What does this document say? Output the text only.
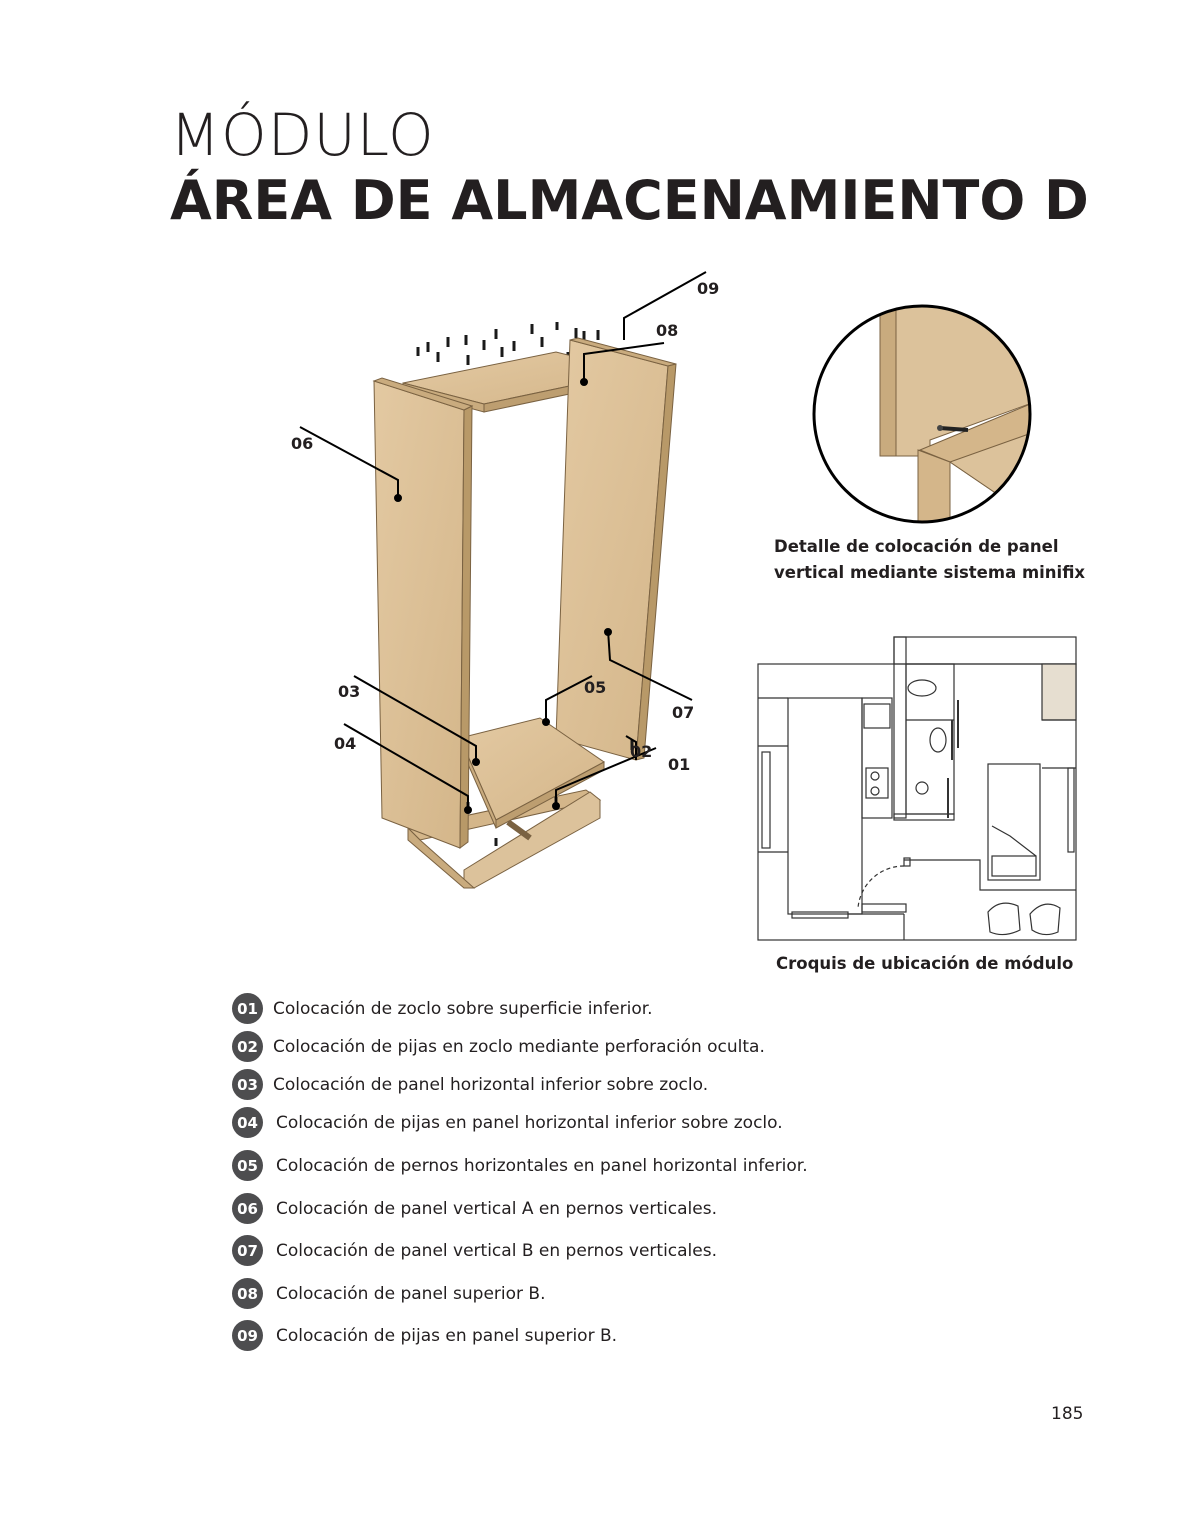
MÓDULO
ÁREA DE ALMACENAMIENTO D
09
08
06
03	05
07
04	02
01
Detalle de colocación de panel
vertical mediante sistema minifix
Croquis de ubicación de módulo
01 Colocación de zoclo sobre superficie inferior.
02 Colocación de pijas en zoclo mediante perforación oculta.
03 Colocación de panel horizontal inferior sobre zoclo.
04 Colocación de pijas en panel horizontal inferior sobre zoclo.
05 Colocación de pernos horizontales en panel horizontal inferior.
06 Colocación de panel vertical A en pernos verticales.
07 Colocación de panel vertical B en pernos verticales.
08 Colocación de panel superior B.
09 Colocación de pijas en panel superior B.
185
